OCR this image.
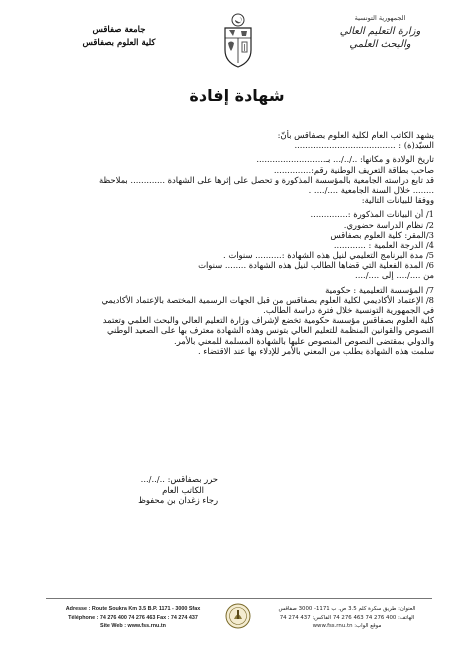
الجمهورية التونسية
وزارة التعليم العالي
والبحث العلمي
جامعة صفاقس
كلية العلوم بصفاقس
شهادة إفادة
يشهد الكاتب العام لكلية العلوم بصفاقس بأنّ:
السيّد(ة) : ......................................
تاريخ الولادة و مكانها: ../../... بـ..........................
صاحب بطاقة التعريف الوطنية رقم:..............
قد تابع دراسته الجامعية بالمؤسسة المذكورة و تحصل على إثرها على الشهادة ............. بملاحظة
........ خلال السنة الجامعية ..../.... .
ووفقا للبيانات التالية:
1/ أن البيانات المذكورة :..............
2/ نظام الدراسة حضوري.
3/المقر: كلية العلوم بصفاقس
4/ الدرجة العلمية : ............
5/ مدة البرنامج التعليمي لنيل هذه الشهادة :.......... سنوات .
6/ المدة الفعلية التي قضاها الطالب لنيل هذه الشهادة ........ سنوات
من ..../.... إلى ..../....
7/ المؤسسة التعليمية : حكومية
8/ الإعتماد الأكاديمي لكلية العلوم بصفاقس من قبل الجهات الرسمية المختصة بالإعتماد الأكاديمي
في الجمهورية التونسية خلال فترة دراسة الطالب.
كلية العلوم بصفاقس مؤسسة حكومية تخضع لإشراف وزارة التعليم العالي والبحث العلمي وتعتمد
النصوص والقوانين المنظمة للتعليم العالي بتونس وهذه الشهادة معترف بها على الصعيد الوطني
والدولي بمقتضى النصوص المنصوص عليها بالشهادة المسلمة للمعني بالأمر.
سلمت هذه الشهادة بطلب من المعني بالأمر للإدلاء بها عند الاقتضاء .
حرر بصفاقس: ../../...
الكاتب العام
رجاء زغدان بن محفوظ
Adresse : Route Soukra Km 3.5 B.P. 1171 - 3000 Sfax
Téléphone : 74 276 400 74 276 463 Fax : 74 274 437
Site Web : www.fss.rnu.tn
العنوان: طريق سكرة كلم 3.5 ص. ب 1171- 3000 صفاقس
الهاتف: 400 276 74 463 276 74 الفاكس: 437 274 74
موقع الواب: www.fss.rnu.tn
